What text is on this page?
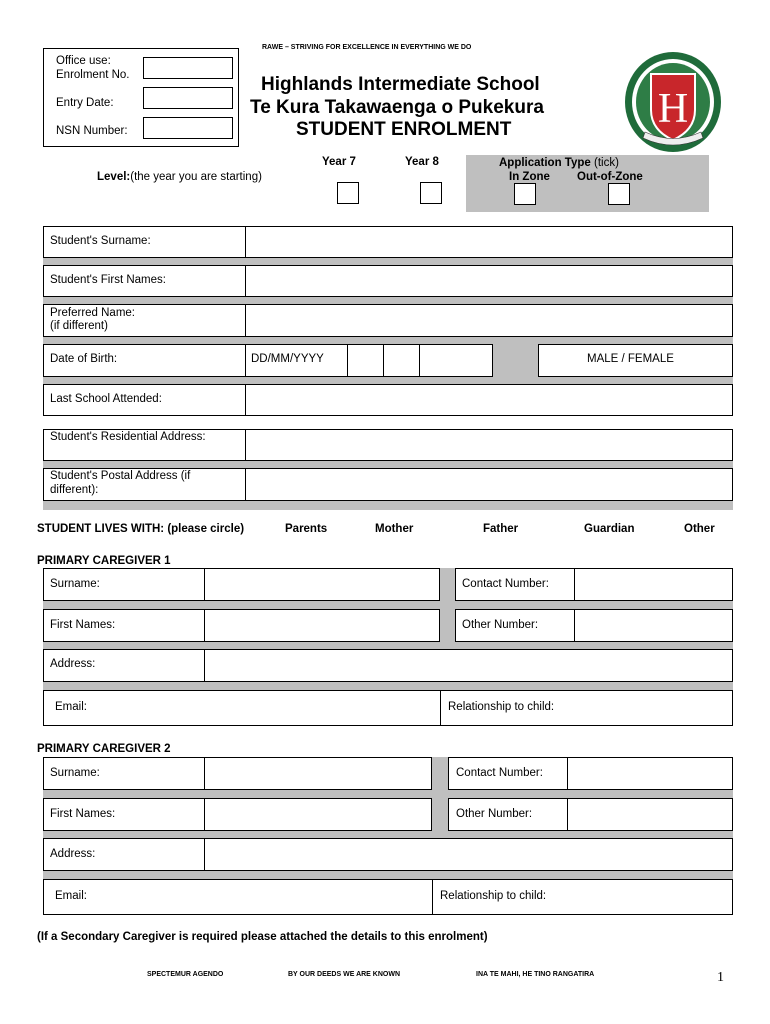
Office use:
Enrolment No.
Entry Date:
NSN Number:
RAWE – STRIVING FOR EXCELLENCE IN EVERYTHING WE DO
Highlands Intermediate School
Te Kura Takawaenga o Pukekura
STUDENT ENROLMENT	H
Level:(the year you are starting)
Year 7	Year 8	Application Type (tick)
In Zone Out-of-Zone
Student's Surname:
Student's First Names:
Preferred Name:
(if different)
Date of Birth:	DD/MM/YYYY	MALE / FEMALE
Last School Attended:
Student's Residential Address:
Student's Postal Address (if
different):
STUDENT LIVES WITH: (please circle)	Parents	Mother	Father	Guardian	Other
PRIMARY CAREGIVER 1
Surname:	Contact Number:
First Names:	Other Number:
Address:
Email:	Relationship to child:
PRIMARY CAREGIVER 2
Surname:	Contact Number:
First Names:	Other Number:
Address:
Email:	Relationship to child:
(If a Secondary Caregiver is required please attached the details to this enrolment)
SPECTEMUR AGENDO	BY OUR DEEDS WE ARE KNOWN	INA TE MAHI, HE TINO RANGATIRA	1
